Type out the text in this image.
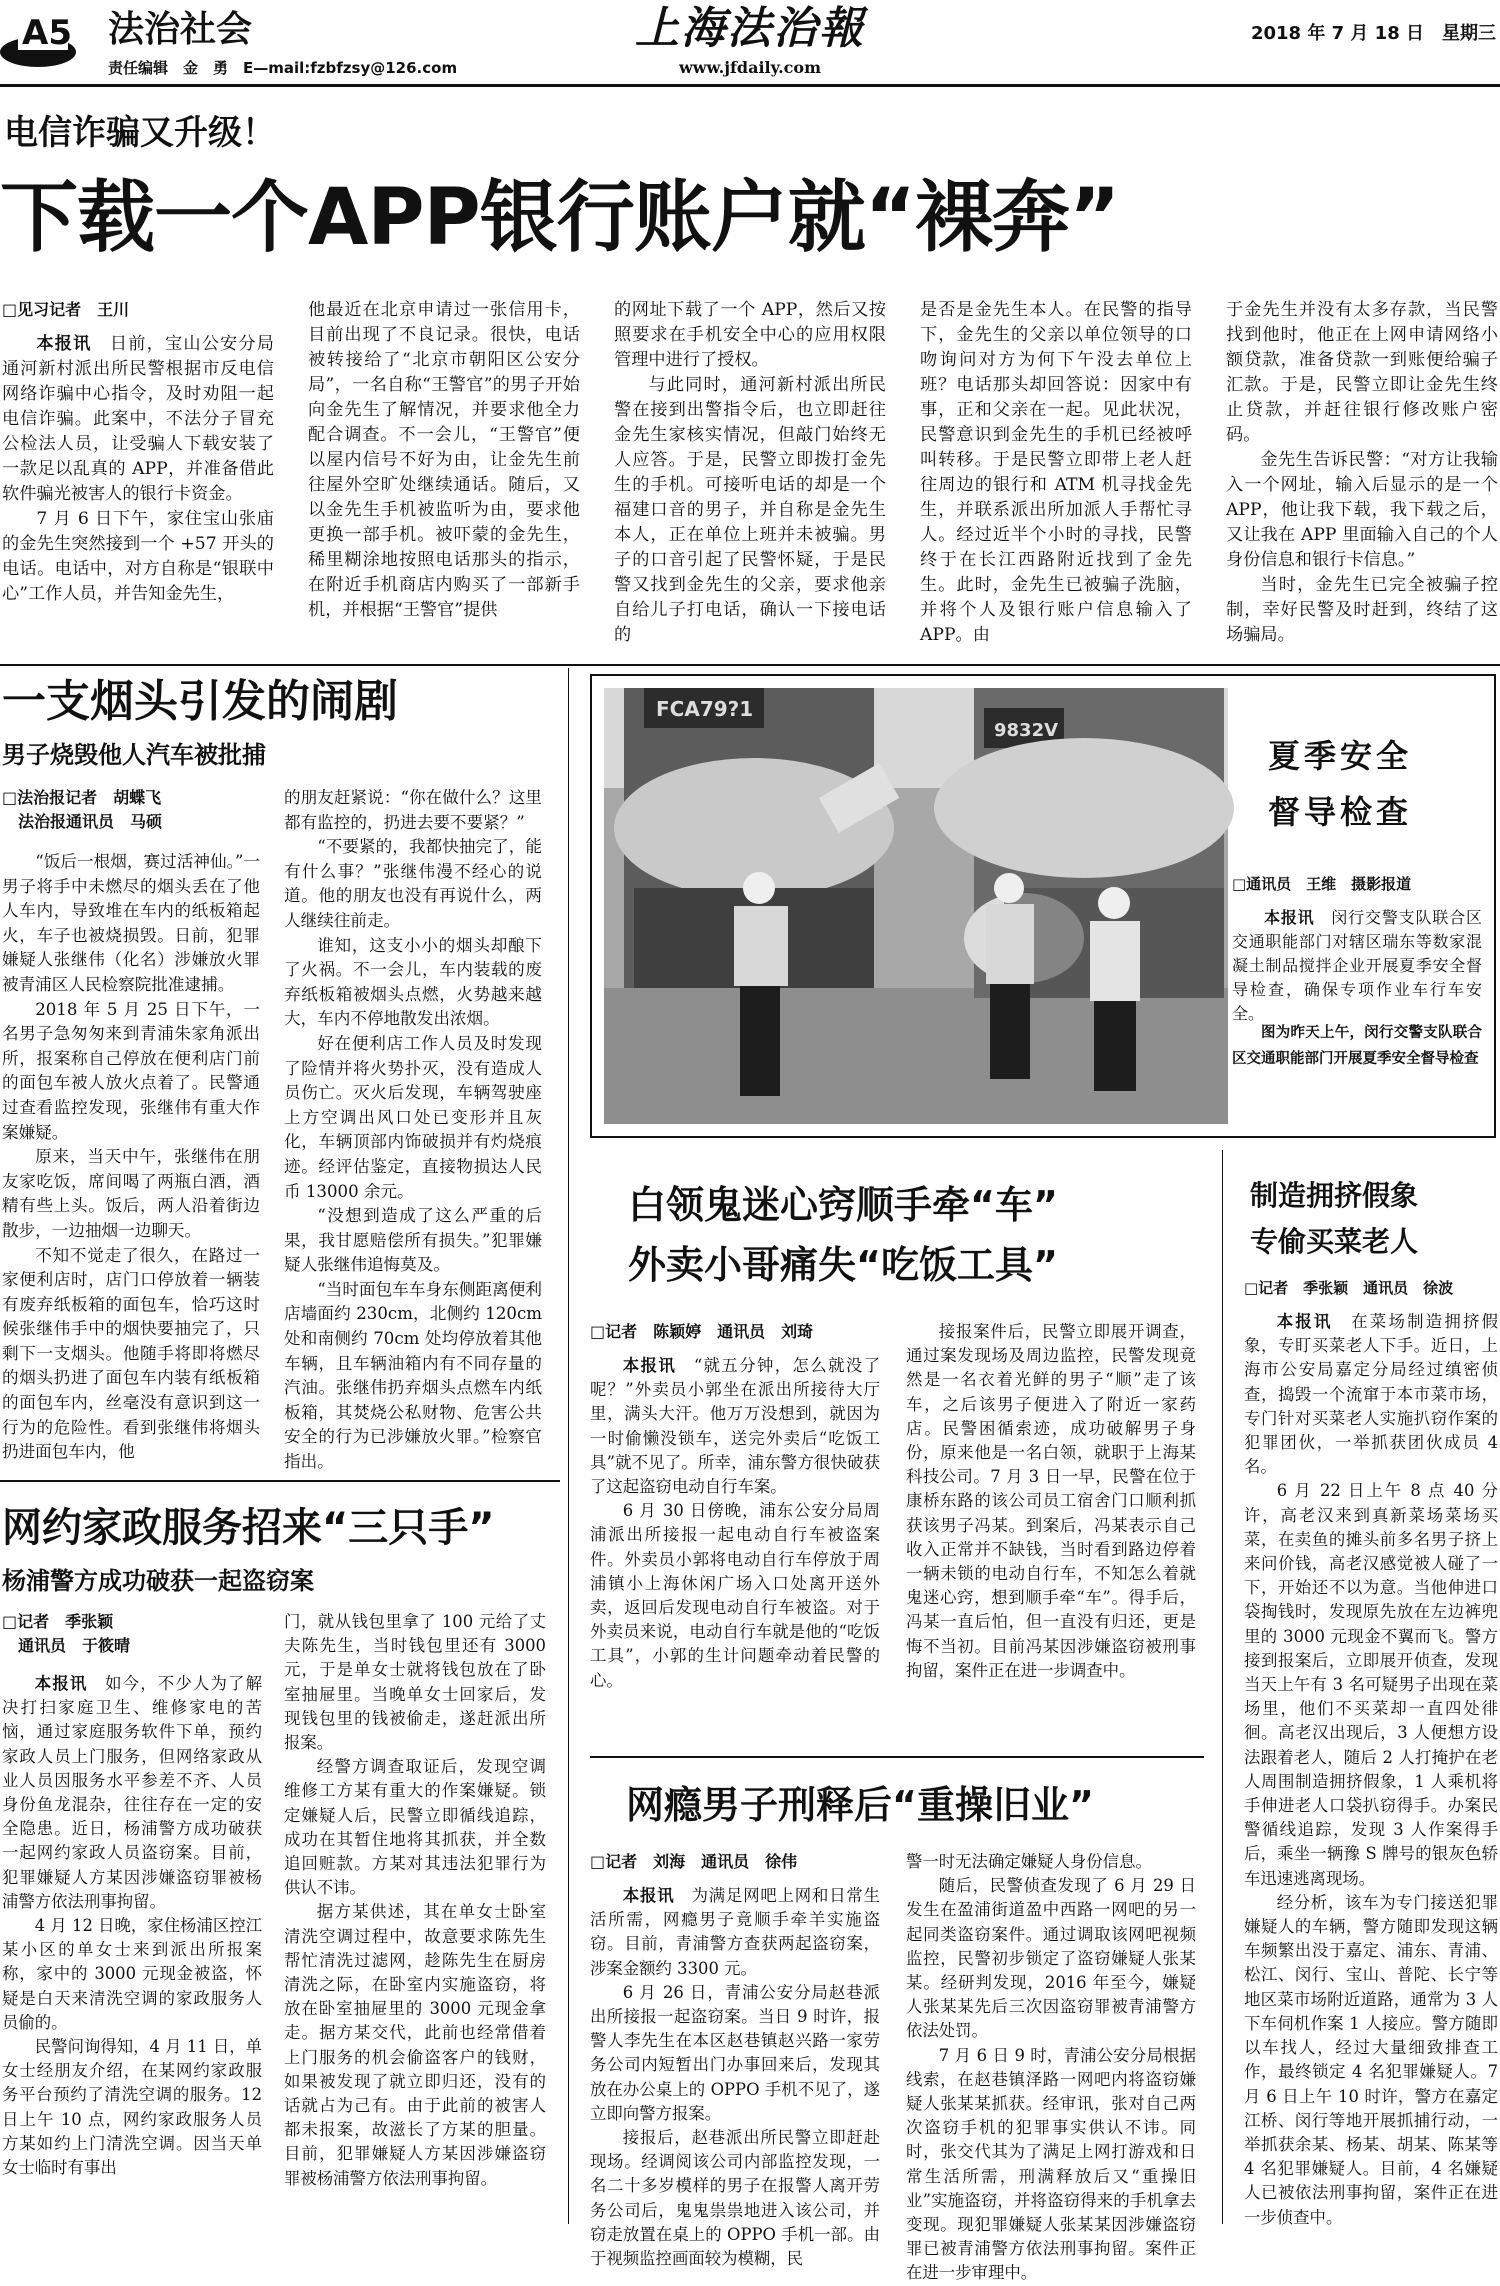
A5 法治社会
责任编辑　金　勇　E—mail:fzbfzsy@126.com
上海法治報
www.jfdaily.com
2018 年 7 月 18 日　星期三
电信诈骗又升级！
下载一个APP银行账户就“裸奔”
□见习记者　王川

本报讯　日前，宝山公安分局通河新村派出所民警根据市反电信网络诈骗中心指令，及时劝阻一起电信诈骗。此案中，不法分子冒充公检法人员，让受骗人下载安装了一款足以乱真的 APP，并准备借此软件骗光被害人的银行卡资金。

7 月 6 日下午，家住宝山张庙的金先生突然接到一个 +57 开头的电话。电话中，对方自称是“银联中心”工作人员，并告知金先生，

他最近在北京申请过一张信用卡，目前出现了不良记录。很快，电话被转接给了“北京市朝阳区公安分局”，一名自称“王警官”的男子开始向金先生了解情况，并要求他全力配合调查。不一会儿，“王警官”便以屋内信号不好为由，让金先生前往屋外空旷处继续通话。随后，又以金先生手机被监听为由，要求他更换一部手机。被吓蒙的金先生，稀里糊涂地按照电话那头的指示，在附近手机商店内购买了一部新手机，并根据“王警官”提供

的网址下载了一个 APP，然后又按照要求在手机安全中心的应用权限管理中进行了授权。

与此同时，通河新村派出所民警在接到出警指令后，也立即赶往金先生家核实情况，但敲门始终无人应答。于是，民警立即拨打金先生的手机。可接听电话的却是一个福建口音的男子，并自称是金先生本人，正在单位上班并未被骗。男子的口音引起了民警怀疑，于是民警又找到金先生的父亲，要求他亲自给儿子打电话，确认一下接电话的

是否是金先生本人。在民警的指导下，金先生的父亲以单位领导的口吻询问对方为何下午没去单位上班？电话那头却回答说：因家中有事，正和父亲在一起。见此状况，民警意识到金先生的手机已经被呼叫转移。于是民警立即带上老人赶往周边的银行和 ATM 机寻找金先生，并联系派出所加派人手帮忙寻人。经过近半个小时的寻找，民警终于在长江西路附近找到了金先生。此时，金先生已被骗子洗脑，并将个人及银行账户信息输入了 APP。由

于金先生并没有太多存款，当民警找到他时，他正在上网申请网络小额贷款，准备贷款一到账便给骗子汇款。于是，民警立即让金先生终止贷款，并赶往银行修改账户密码。

金先生告诉民警：“对方让我输入一个网址，输入后显示的是一个 APP，他让我下载，我下载之后，又让我在 APP 里面输入自己的个人身份信息和银行卡信息。”

当时，金先生已完全被骗子控制，幸好民警及时赶到，终结了这场骗局。

一支烟头引发的闹剧
男子烧毁他人汽车被批捕
□法治报记者　胡蝶飞
　法治报通讯员　马硕

“饭后一根烟，赛过活神仙。”一男子将手中未燃尽的烟头丢在了他人车内，导致堆在车内的纸板箱起火，车子也被烧损毁。日前，犯罪嫌疑人张继伟（化名）涉嫌放火罪被青浦区人民检察院批准逮捕。

2018 年 5 月 25 日下午，一名男子急匆匆来到青浦朱家角派出所，报案称自己停放在便利店门前的面包车被人放火点着了。民警通过查看监控发现，张继伟有重大作案嫌疑。

原来，当天中午，张继伟在朋友家吃饭，席间喝了两瓶白酒，酒精有些上头。饭后，两人沿着街边散步，一边抽烟一边聊天。

不知不觉走了很久，在路过一家便利店时，店门口停放着一辆装有废弃纸板箱的面包车，恰巧这时候张继伟手中的烟快要抽完了，只剩下一支烟头。他随手将即将燃尽的烟头扔进了面包车内装有纸板箱的面包车内，丝毫没有意识到这一行为的危险性。看到张继伟将烟头扔进面包车内，他

的朋友赶紧说：“你在做什么？这里都有监控的，扔进去要不要紧？”

“不要紧的，我都快抽完了，能有什么事？”张继伟漫不经心的说道。他的朋友也没有再说什么，两人继续往前走。

谁知，这支小小的烟头却酿下了火祸。不一会儿，车内装载的废弃纸板箱被烟头点燃，火势越来越大，车内不停地散发出浓烟。

好在便利店工作人员及时发现了险情并将火势扑灭，没有造成人员伤亡。灭火后发现，车辆驾驶座上方空调出风口处已变形并且灰化，车辆顶部内饰破损并有灼烧痕迹。经评估鉴定，直接物损达人民币 13000 余元。

“没想到造成了这么严重的后果，我甘愿赔偿所有损失。”犯罪嫌疑人张继伟追悔莫及。

“当时面包车车身东侧距离便利店墙面约 230cm，北侧约 120cm 处和南侧约 70cm 处均停放着其他车辆，且车辆油箱内有不同存量的汽油。张继伟扔弃烟头点燃车内纸板箱，其焚烧公私财物、危害公共安全的行为已涉嫌放火罪。”检察官指出。

FCA79?1
9832V
夏季安全
督导检查
□通讯员　王维　摄影报道

本报讯　闵行交警支队联合区交通职能部门对辖区瑞东等数家混凝土制品搅拌企业开展夏季安全督导检查，确保专项作业车行车安全。

图为昨天上午，闵行交警支队联合区交通职能部门开展夏季安全督导检查

白领鬼迷心窍顺手牵“车”
外卖小哥痛失“吃饭工具”
□记者　陈颖婷　通讯员　刘琦

本报讯　“就五分钟，怎么就没了呢？”外卖员小郭坐在派出所接待大厅里，满头大汗。他万万没想到，就因为一时偷懒没锁车，送完外卖后“吃饭工具”就不见了。所幸，浦东警方很快破获了这起盗窃电动自行车案。

6 月 30 日傍晚，浦东公安分局周浦派出所接报一起电动自行车被盗案件。外卖员小郭将电动自行车停放于周浦镇小上海休闲广场入口处离开送外卖，返回后发现电动自行车被盗。对于外卖员来说，电动自行车就是他的“吃饭工具”，小郭的生计问题牵动着民警的心。

接报案件后，民警立即展开调查，通过案发现场及周边监控，民警发现竟然是一名衣着光鲜的男子“顺”走了该车，之后该男子便进入了附近一家药店。民警困循索迹，成功破解男子身份，原来他是一名白领，就职于上海某科技公司。7 月 3 日一早，民警在位于康桥东路的该公司员工宿舍门口顺利抓获该男子冯某。到案后，冯某表示自己收入正常并不缺钱，当时看到路边停着一辆未锁的电动自行车，不知怎么着就鬼迷心窍，想到顺手牵“车”。得手后，冯某一直后怕，但一直没有归还，更是悔不当初。目前冯某因涉嫌盗窃被刑事拘留，案件正在进一步调查中。

网瘾男子刑释后“重操旧业”
□记者　刘海　通讯员　徐伟

本报讯　为满足网吧上网和日常生活所需，网瘾男子竟顺手牵羊实施盗窃。目前，青浦警方查获两起盗窃案，涉案金额约 3300 元。

6 月 26 日，青浦公安分局赵巷派出所接报一起盗窃案。当日 9 时许，报警人李先生在本区赵巷镇赵兴路一家劳务公司内短暂出门办事回来后，发现其放在办公桌上的 OPPO 手机不见了，遂立即向警方报案。

接报后，赵巷派出所民警立即赶赴现场。经调阅该公司内部监控发现，一名二十多岁模样的男子在报警人离开劳务公司后，鬼鬼祟祟地进入该公司，并窃走放置在桌上的 OPPO 手机一部。由于视频监控画面较为模糊，民

警一时无法确定嫌疑人身份信息。

随后，民警侦查发现了 6 月 29 日发生在盈浦街道盈中西路一网吧的另一起同类盗窃案件。通过调取该网吧视频监控，民警初步锁定了盗窃嫌疑人张某某。经研判发现，2016 年至今，嫌疑人张某某先后三次因盗窃罪被青浦警方依法处罚。

7 月 6 日 9 时，青浦公安分局根据线索，在赵巷镇泽路一网吧内将盗窃嫌疑人张某某抓获。经审讯，张对自己两次盗窃手机的犯罪事实供认不讳。同时，张交代其为了满足上网打游戏和日常生活所需，刑满释放后又“重操旧业”实施盗窃，并将盗窃得来的手机拿去变现。现犯罪嫌疑人张某某因涉嫌盗窃罪已被青浦警方依法刑事拘留。案件正在进一步审理中。

制造拥挤假象
专偷买菜老人
□记者　季张颖　通讯员　徐波

本报讯　在菜场制造拥挤假象，专盯买菜老人下手。近日，上海市公安局嘉定分局经过缜密侦查，捣毁一个流窜于本市菜市场，专门针对买菜老人实施扒窃作案的犯罪团伙，一举抓获团伙成员 4 名。

6 月 22 日上午 8 点 40 分许，高老汉来到真新菜场菜场买菜，在卖鱼的摊头前多名男子挤上来问价钱，高老汉感觉被人碰了一下，开始还不以为意。当他伸进口袋掏钱时，发现原先放在左边裤兜里的 3000 元现金不翼而飞。警方接到报案后，立即展开侦查，发现当天上午有 3 名可疑男子出现在菜场里，他们不买菜却一直四处徘徊。高老汉出现后，3 人便想方设法跟着老人，随后 2 人打掩护在老人周围制造拥挤假象，1 人乘机将手伸进老人口袋扒窃得手。办案民警循线追踪，发现 3 人作案得手后，乘坐一辆豫 S 牌号的银灰色轿车迅速逃离现场。

经分析，该车为专门接送犯罪嫌疑人的车辆，警方随即发现这辆车频繁出没于嘉定、浦东、青浦、松江、闵行、宝山、普陀、长宁等地区菜市场附近道路，通常为 3 人下车伺机作案 1 人接应。警方随即以车找人，经过大量细致排查工作，最终锁定 4 名犯罪嫌疑人。7 月 6 日上午 10 时许，警方在嘉定江桥、闵行等地开展抓捕行动，一举抓获余某、杨某、胡某、陈某等 4 名犯罪嫌疑人。目前，4 名嫌疑人已被依法刑事拘留，案件正在进一步侦查中。

网约家政服务招来“三只手”
杨浦警方成功破获一起盗窃案
□记者　季张颖
　通讯员　于筱晴

本报讯　如今，不少人为了解决打扫家庭卫生、维修家电的苦恼，通过家庭服务软件下单，预约家政人员上门服务，但网络家政从业人员因服务水平参差不齐、人员身份鱼龙混杂，往往存在一定的安全隐患。近日，杨浦警方成功破获一起网约家政人员盗窃案。目前，犯罪嫌疑人方某因涉嫌盗窃罪被杨浦警方依法刑事拘留。

4 月 12 日晚，家住杨浦区控江某小区的单女士来到派出所报案称，家中的 3000 元现金被盗，怀疑是白天来清洗空调的家政服务人员偷的。

民警问询得知，4 月 11 日，单女士经朋友介绍，在某网约家政服务平台预约了清洗空调的服务。12 日上午 10 点，网约家政服务人员方某如约上门清洗空调。因当天单女士临时有事出

门，就从钱包里拿了 100 元给了丈夫陈先生，当时钱包里还有 3000 元，于是单女士就将钱包放在了卧室抽屉里。当晚单女士回家后，发现钱包里的钱被偷走，遂赶派出所报案。

经警方调查取证后，发现空调维修工方某有重大的作案嫌疑。锁定嫌疑人后，民警立即循线追踪，成功在其暂住地将其抓获，并全数追回赃款。方某对其违法犯罪行为供认不讳。

据方某供述，其在单女士卧室清洗空调过程中，故意要求陈先生帮忙清洗过滤网，趁陈先生在厨房清洗之际，在卧室内实施盗窃，将放在卧室抽屉里的 3000 元现金拿走。据方某交代，此前也经常借着上门服务的机会偷盗客户的钱财，如果被发现了就立即归还，没有的话就占为己有。由于此前的被害人都未报案，故滋长了方某的胆量。目前，犯罪嫌疑人方某因涉嫌盗窃罪被杨浦警方依法刑事拘留。
